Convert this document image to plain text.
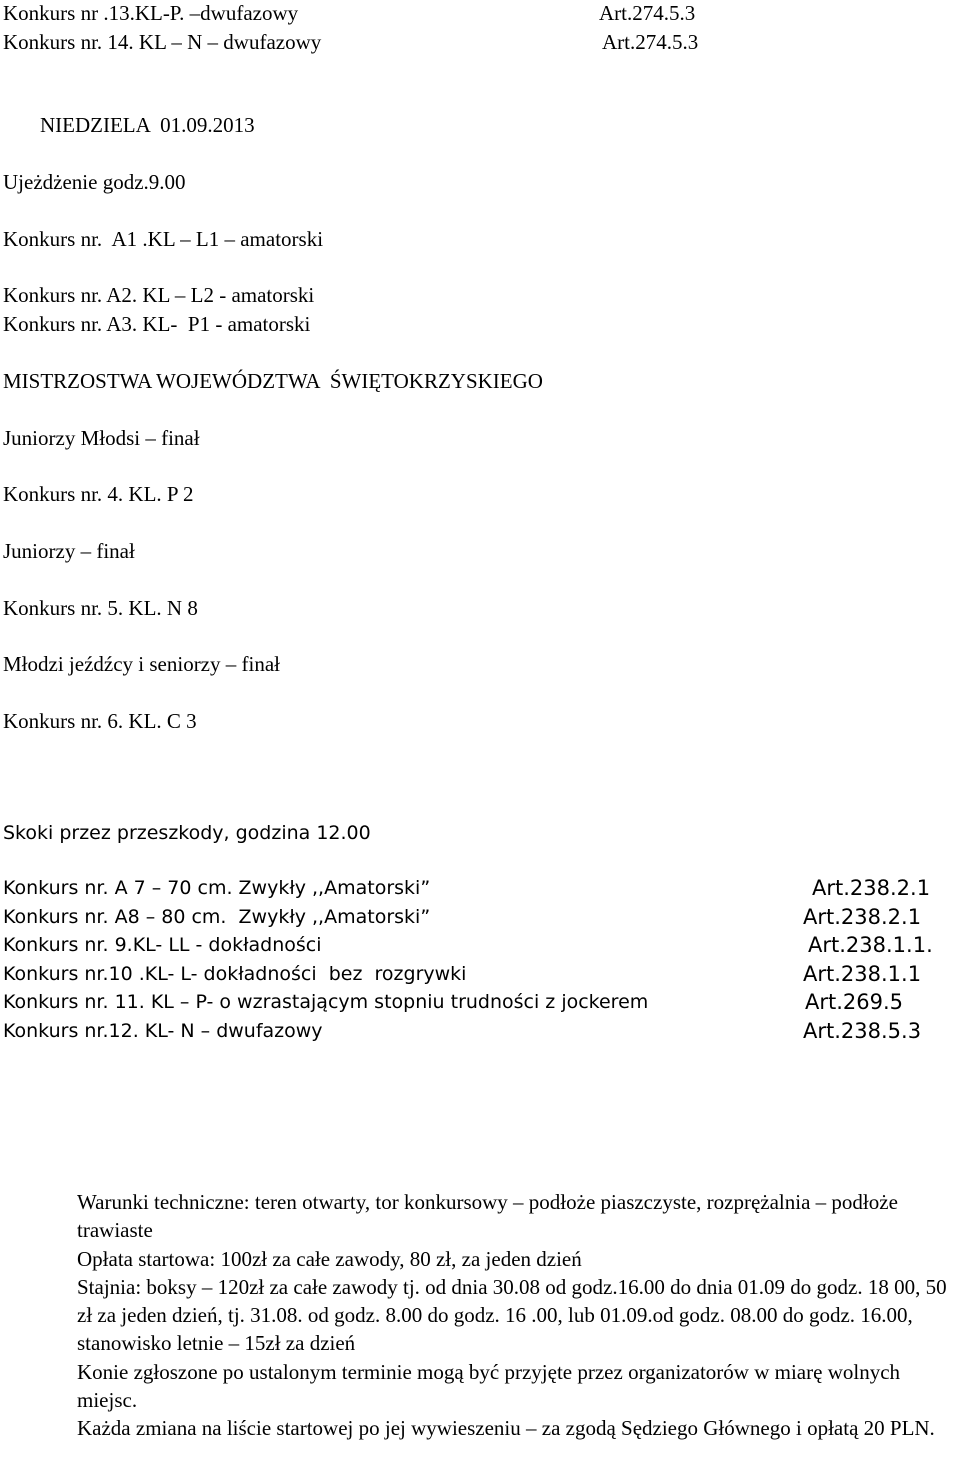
Konkurs nr .13.KL-P. –dwufazowy	Art.274.5.3
Konkurs nr. 14. KL – N – dwufazowy	Art.274.5.3
NIEDZIELA  01.09.2013
Ujeżdżenie godz.9.00
Konkurs nr.  A1 .KL – L1 – amatorski
Konkurs nr. A2. KL – L2 - amatorski
Konkurs nr. A3. KL-  P1 - amatorski
MISTRZOSTWA WOJEWÓDZTWA  ŚWIĘTOKRZYSKIEGO
Juniorzy Młodsi – finał
Konkurs nr. 4. KL. P 2
Juniorzy – finał
Konkurs nr. 5. KL. N 8
Młodzi jeźdźcy i seniorzy – finał
Konkurs nr. 6. KL. C 3
Skoki przez przeszkody, godzina 12.00
Konkurs nr. A 7 – 70 cm. Zwykły ,,Amatorski”	Art.238.2.1
Konkurs nr. A8 – 80 cm.  Zwykły ,,Amatorski”	Art.238.2.1
Konkurs nr. 9.KL- LL - dokładności	Art.238.1.1.
Konkurs nr.10 .KL- L- dokładności  bez  rozgrywki	Art.238.1.1
Konkurs nr. 11. KL – P- o wzrastającym stopniu trudności z jockerem	Art.269.5
Konkurs nr.12. KL- N – dwufazowy	Art.238.5.3

Warunki techniczne: teren otwarty, tor konkursowy – podłoże piaszczyste, rozprężalnia – podłoże trawiaste

Opłata startowa: 100zł za całe zawody, 80 zł, za jeden dzień

Stajnia: boksy – 120zł za całe zawody tj. od dnia 30.08 od godz.16.00 do dnia 01.09 do godz. 18 00, 50 zł za jeden dzień, tj. 31.08. od godz. 8.00 do godz. 16 .00, lub 01.09.od godz. 08.00 do godz. 16.00, stanowisko letnie – 15zł za dzień

Konie zgłoszone po ustalonym terminie mogą być przyjęte przez organizatorów w miarę wolnych miejsc.

Każda zmiana na liście startowej po jej wywieszeniu – za zgodą Sędziego Głównego i opłatą 20 PLN.
